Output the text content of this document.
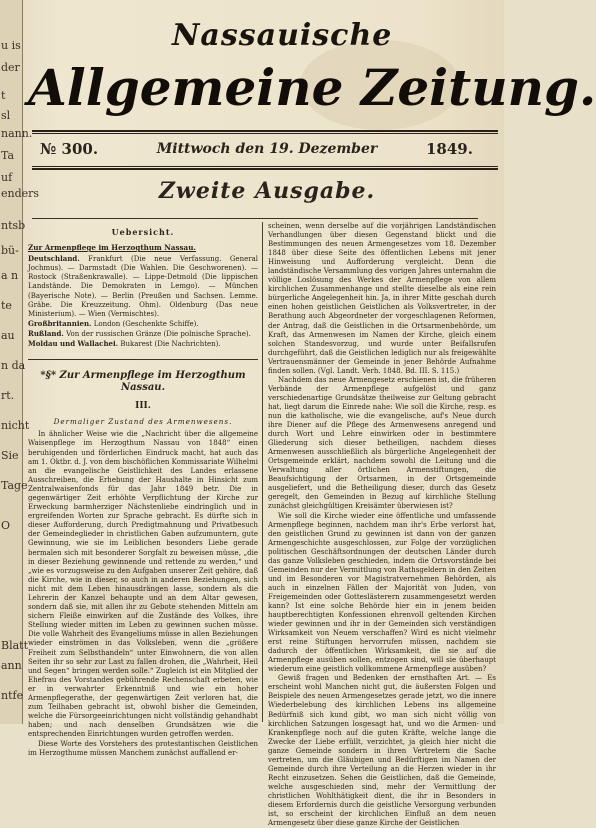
u is
der
t
sl
nann.
Ta
uf
enders
ntsb
bü-
a n
te
au
n da
rt.
nicht
Sie
Tage
O
Blatt
ann
ntfe
Nassauische
Allgemeine Zeitung.
№ 300.	Mittwoch den 19. Dezember	1849.
Zweite Ausgabe.
Uebersicht.
Zur Armenpflege im Herzogthum Nassau.
Deutschland. Frankfurt (Die neue Verfassung. General Jochmus). — Darmstadt (Die Wahlen. Die Geschworenen). — Rostock (Straßenkrawalle). — Lippe-Detmold (Die lippischen Landstände. Die Demokraten in Lemgo). — München (Bayerische Note). — Berlin (Preußen und Sachsen. Lemme. Gräbe. Die Kreuzzeitung. Ohm). Oldenburg (Das neue Ministerium). — Wien (Vermischtes).
Großbritannien. London (Geschenkte Schiffe).
Rußland. Von der russischen Gränze (Die polnische Sprache).
Moldau und Wallachei. Bukarest (Die Nachrichten).
*§* Zur Armenpflege im Herzogthum Nassau.
III.
Dermaliger Zustand des Armenwesens.

In ähnlicher Weise wie die „Nachricht über die allgemeine Waisenpflege im Herzogthum Nassau von 1848“ einen beruhigenden und förderlichen Eindruck macht, hat auch das am 1. Oktbr. d. J. von dem bischöflichen Kommissariate Wilhelmi an die evangelische Geistlichkeit des Landes erlassene Ausschreiben, die Erhebung der Haushalte in Hinsicht zum Zentralwaisenfonds für das Jahr 1849 betr. Die in gegenwärtiger Zeit erhöhte Verpflichtung der Kirche zur Erweckung barmherziger Nächstenliebe eindringlich und in ergreifenden Worten zur Sprache gebracht. Es dürfte sich in dieser Aufforderung, durch Predigtmahnung und Privatbesuch der Gemeindeglieder in christlichen Gaben aufzumuntern, gute Gewinnung, wie sie im Leiblichen besonders Liebe gerade bermalen sich mit besonderer Sorgfalt zu beweisen müsse, „die in dieser Beziehung gewinnende und rettende zu werden,“ und „wie es vorzugsweise zu den Aufgaben unserer Zeit gehöre, daß die Kirche, wie in dieser, so auch in anderen Beziehungen, sich nicht mit dem Leben hinausdrängen lasse, sondern als die Lehrerin der Kanzel behaupte und an dem Altar gewesen, sondern daß sie, mit allen ihr zu Gebote stehenden Mitteln am sichern Fleiße einwirken auf die Zustände des Volkes, ihre Stellung wieder mitten im Leben zu gewinnen suchen müsse. Die volle Wahrheit des Evangeliums müsse in allen Beziehungen wieder einströmen in das Volksleben, wenn die „größere Freiheit zum Selbsthandeln“ unter Einwohnern, die von allen Seiten ihr so sehr zur Last zu fallen drohen, die „Wahrheit, Heil und Segen“ bringen werden solle.“ Zugleich ist ein Mitglied der Ehefrau des Vorstandes gebührende Rechenschaft erbeten, wie er in verwahrter Erkenntniß und wie ein hoher Armenpflegerathe, der gegenwärtigen Zeit verloren hat, die zum Teilhaben gebracht ist, obwohl bisher die Gemeinden, welche die Fürsorgeeinrichtungen nicht vollständig gehandhabt haben; und nach denselben Grundsätzen wie die entsprechenden Einrichtungen wurden getroffen werden.

Diese Worte des Vorstehers des protestantischen Geistlichen im Herzogthume müssen Manchem zunächst auffallend er-

scheinen, wenn derselbe auf die vorjährigen Landständischen Verhandlungen über diesen Gegenstand blickt und die Bestimmungen des neuen Armengesetzes vom 18. Dezember 1848 über diese Seite des öffentlichen Lebens mit jener Hinweisung und Aufforderung vergleicht. Denn die landständische Versammlung des vorigen Jahres unternahm die völlige Loslösung des Werkes der Armenpflege von allem kirchlichen Zusammenhange und stellte dieselbe als eine rein bürgerliche Angelegenheit hin. Ja, in ihrer Mitte geschah durch einen hohen geistlichen Geistlichen als Volksvertreter, in der Berathung auch Abgeordneter der vorgeschlagenen Reformen, der Antrag, daß die Geistlichen in die Ortsarmenbehörde, um Kraft, das Armenwesen im Namen der Kirche, gleich einem solchen Standesvorzug, und wurde unter Beifallsrufen durchgeführt, daß die Geistlichen lediglich nur als freigewählte Vertrauensmänner der Gemeinde in jener Behörde Aufnahme finden sollen. (Vgl. Landt. Verh. 1848. Bd. III. S. 115.)

Nachdem das neue Armengesetz erschienen ist, die früheren Verbände der Armenpflege aufgelöst und ganz verschiedenartige Grundsätze theilweise zur Geltung gebracht hat, liegt darum die Einrede nahe: Wie soll die Kirche, resp. es nun die katholische, wie die evangelische, auf's Neue durch ihre Diener auf die Pflege des Armenwesens anregend und durch Wort und Lehre einwirken oder in bestimmtere Gliederung sich dieser betheiligen, nachdem dieses Armenwesen ausschließlich als bürgerliche Angelegenheit der Ortsgemeinde erklärt, nachdem sowohl die Leitung und die Verwaltung aller örtlichen Armenstiftungen, die Beaufsichtigung der Ortsarmen, in der Ortsgemeinde ausgeliefert, und die Betheiligung dieser, durch das Gesetz geregelt, den Gemeinden in Bezug auf kirchliche Stellung zunächst gleichgültigen Kreisämter überwiesen ist?

Wie soll die Kirche wieder eine öffentliche und umfassende Armenpflege beginnen, nachdem man ihr's Erbe verlorst hat, den geistlichen Grund zu gewinnen ist dann von der ganzen Armengeschichte ausgeschlossen, zur Folge der vorzüglichen politischen Geschäftsordnungen der deutschen Länder durch das ganze Volksleben geschieden, indem die Ortsvorstände bei Gemeinden nur der Vermittlung von Rathsgeldern in den Zeiten und im Besonderen vor Magistratvernehmen Behörden, als auch in einzelnen Fällen der Majorität von Juden, von Freigemeinden oder Gotteslästerern zusammengesetzt werden kann? Ist eine solche Behörde hier ein in jenem beiden hauptberechtigten Konfessionen ehrenvoll geltenden Kirchen wieder gewinnen und ihr in der Gemeinden sich verständigen Wirksamkeit von Neuem verschaffen? Wird es nicht vielmehr erst reine Stiftungen hervorrufen müssen, nachdem sie dadurch der öffentlichen Wirksamkeit, die sie auf die Armenpflege ausüben sollen, entzogen sind, will sie überhaupt wiederum eine geistlich vollkommene Armenpflege ausüben?

Gewiß fragen und Bedenken der ernsthaften Art. — Es erscheint wohl Manchen nicht gut, die äußersten Folgen und Beispiele des neuen Armengesetzes gerade jetzt, wo die innere Wiederbelebung des kirchlichen Lebens ins allgemeine Bedürfniß sich kund gibt, wo man sich nicht völlig von kirchlichen Satzungen losgesagt hat, und wo die Armen- und Krankenpflege noch auf die guten Kräfte, welche lange die Zwecke der Liebe erfüllt, verzichtet, ja gleich hier nicht die ganze Gemeinde sondern in ihren Vertretern die Sache vertreten, um die Gläubigen und Bedürftigen im Namen der Gemeinde durch ihre Verteilung an die Herzen wieder in ihr Recht einzusetzen. Sehen die Geistlichen, daß die Gemeinde, welche ausgeschieden sind, mehr der Vermittlung der christlichen Wohlthätigkeit dient, die ihr in Besonders in diesem Erfordernis durch die geistliche Versorgung verbunden ist, so erscheint der kirchlichen Einfluß an dem neuen Armengesetz über diese ganze Kirche der Geistlichen
